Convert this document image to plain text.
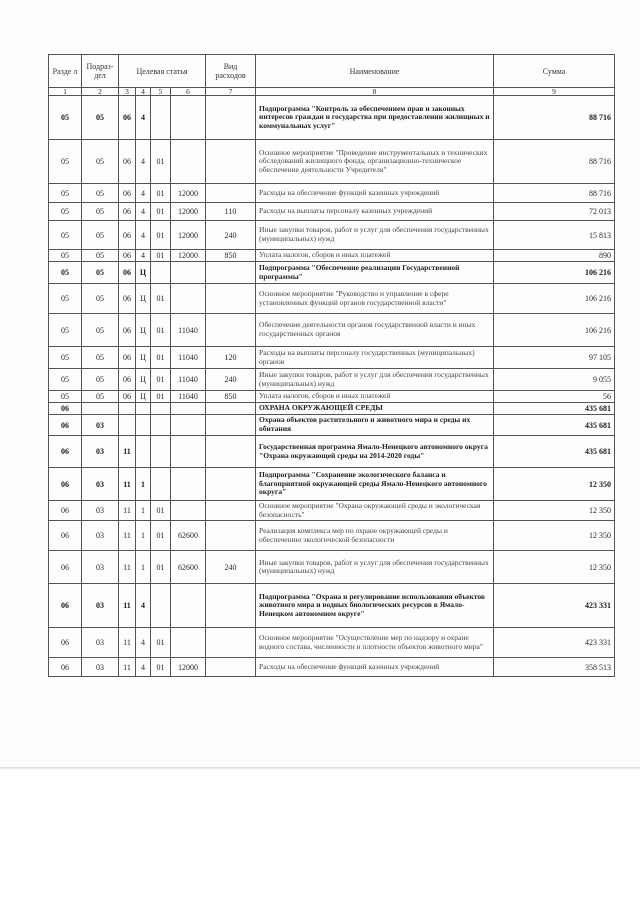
Разде л	Подраз- дел	Целевая статья				Вид расходов	Наименование	Сумма
1	2	3	4	5	6	7	8	9
05	05	06	4				Подпрограмма "Контроль за обеспечением прав и законных интересов граждан и государства при предоставлении жилищных и коммунальных услуг"	88 716
05	05	06	4	01			Основное мероприятие "Проведение инструментальных и технических обследований жилищного фонда, организационно-техническое обеспечение деятельности Учредителя"	88 716
05	05	06	4	01	12000		Расходы на обеспечение функций казенных учреждений	88 716
05	05	06	4	01	12000	110	Расходы на выплаты персоналу казенных учреждений	72 013
05	05	06	4	01	12000	240	Иные закупки товаров, работ и услуг для обеспечения государственных (муниципальных) нужд	15 813
05	05	06	4	01	12000	850	Уплата налогов, сборов и иных платежей	890
05	05	06	Ц				Подпрограмма "Обеспечение реализации Государственной программы"	106 216
05	05	06	Ц	01			Основное мероприятие "Руководство и управление в сфере установленных функций органов государственной власти"	106 216
05	05	06	Ц	01	11040		Обеспечение деятельности органов государственной власти и иных государственных органов	106 216
05	05	06	Ц	01	11040	120	Расходы на выплаты персоналу государственных (муниципальных) органов	97 105
05	05	06	Ц	01	11040	240	Иные закупки товаров, работ и услуг для обеспечения государственных (муниципальных) нужд	9 055
05	05	06	Ц	01	11040	850	Уплата налогов, сборов и иных платежей	56
06							ОХРАНА ОКРУЖАЮЩЕЙ СРЕДЫ	435 681
06	03						Охрана объектов растительного и животного мира и среды их обитания	435 681
06	03	11					Государственная программа Ямало-Ненецкого автономного округа "Охрана окружающей среды на 2014-2020 годы"	435 681
06	03	11	1				Подпрограмма "Сохранение экологического баланса и благоприятной окружающей среды Ямало-Ненецкого автономного округа"	12 350
06	03	11	1	01			Основное мероприятие "Охрана окружающей среды и экологическая безопасность"	12 350
06	03	11	1	01	62600		Реализация комплекса мер по охране окружающей среды и обеспечению экологической безопасности	12 350
06	03	11	1	01	62600	240	Иные закупки товаров, работ и услуг для обеспечения государственных (муниципальных) нужд	12 350
06	03	11	4				Подпрограмма "Охрана и регулирование использования объектов животного мира и водных биологических ресурсов в Ямало-Ненецком автономном округе"	423 331
06	03	11	4	01			Основное мероприятие "Осуществление мер по надзору и охране водного состава, численности и плотности объектов животного мира"	423 331
06	03	11	4	01	12000		Расходы на обеспечение функций казенных учреждений	358 513
